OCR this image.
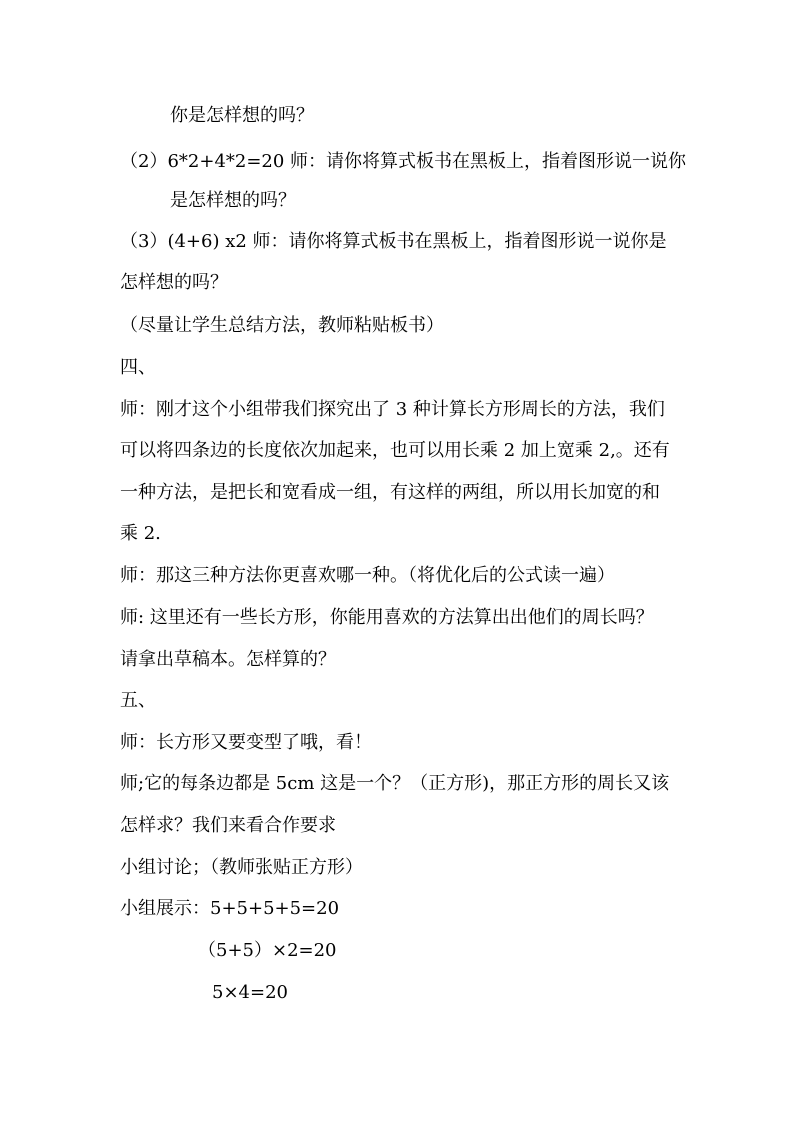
你是怎样想的吗？
（2）6*2+4*2=20 师：请你将算式板书在黑板上，指着图形说一说你
是怎样想的吗？
（3）(4+6) x2 师：请你将算式板书在黑板上，指着图形说一说你是
怎样想的吗？
（尽量让学生总结方法，教师粘贴板书）
四、
师：刚才这个小组带我们探究出了 3 种计算长方形周长的方法，我们
可以将四条边的长度依次加起来，也可以用长乘 2 加上宽乘 2,。还有
一种方法，是把长和宽看成一组，有这样的两组，所以用长加宽的和
乘 2.
师：那这三种方法你更喜欢哪一种。（将优化后的公式读一遍）
师: 这里还有一些长方形，你能用喜欢的方法算出出他们的周长吗？
请拿出草稿本。怎样算的？
五、
师：长方形又要变型了哦，看！
师;它的每条边都是 5cm 这是一个？（正方形)，那正方形的周长又该
怎样求？我们来看合作要求
小组讨论；（教师张贴正方形）
小组展示：5+5+5+5=20
（5+5）×2=20
5×4=20
